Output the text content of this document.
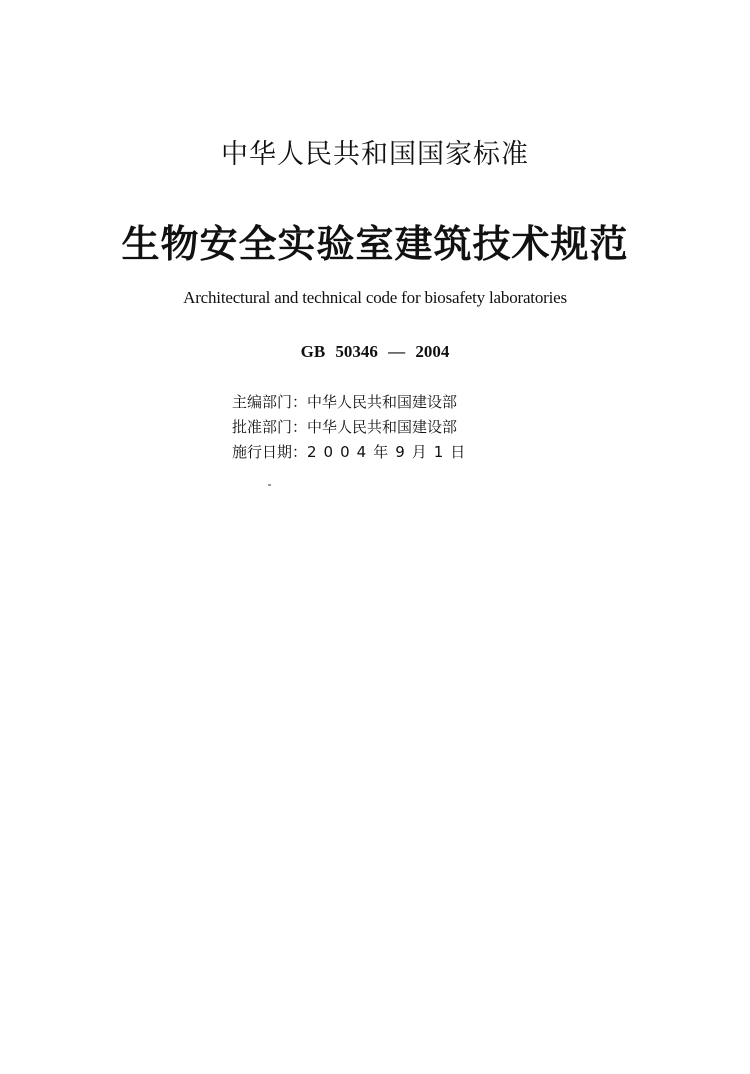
中华人民共和国国家标准
生物安全实验室建筑技术规范
Architectural and technical code for biosafety laboratories
GB 50346 — 2004
主编部门： 中华人民共和国建设部
批准部门： 中华人民共和国建设部
施行日期： 2004年9月1日
